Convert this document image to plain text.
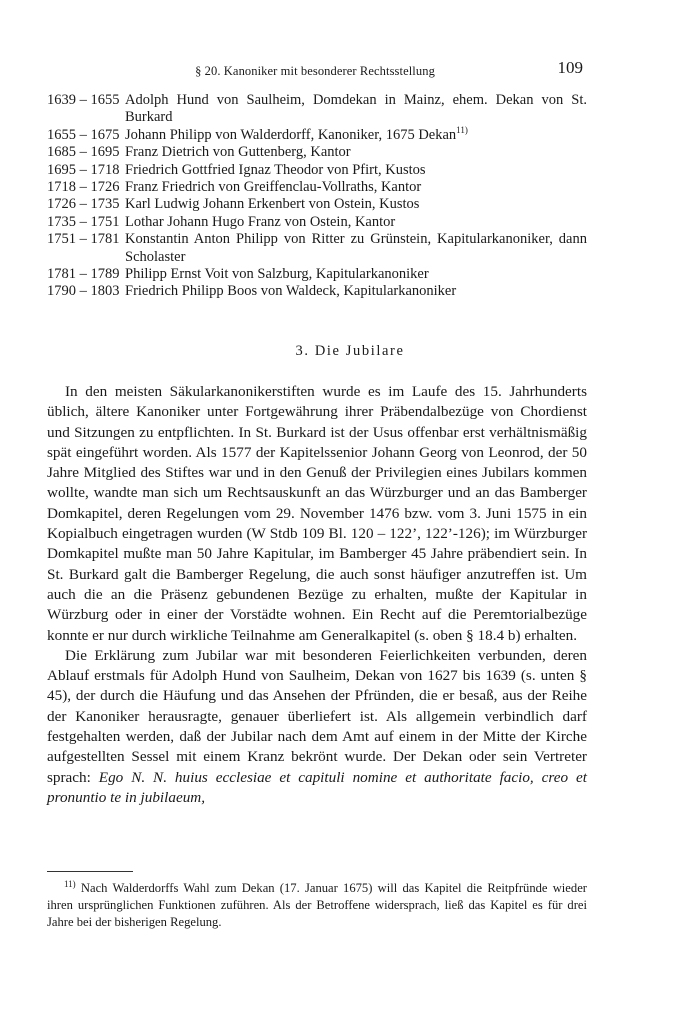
§ 20. Kanoniker mit besonderer Rechtsstellung	109
1639 – 1655 Adolph Hund von Saulheim, Domdekan in Mainz, ehem. Dekan von St. Burkard
1655 – 1675 Johann Philipp von Walderdorff, Kanoniker, 1675 Dekan$^{11)}$
1685 – 1695 Franz Dietrich von Guttenberg, Kantor
1695 – 1718 Friedrich Gottfried Ignaz Theodor von Pfirt, Kustos
1718 – 1726 Franz Friedrich von Greiffenclau-Vollraths, Kantor
1726 – 1735 Karl Ludwig Johann Erkenbert von Ostein, Kustos
1735 – 1751 Lothar Johann Hugo Franz von Ostein, Kantor
1751 – 1781 Konstantin Anton Philipp von Ritter zu Grünstein, Kapitularkanoniker, dann Scholaster
1781 – 1789 Philipp Ernst Voit von Salzburg, Kapitularkanoniker
1790 – 1803 Friedrich Philipp Boos von Waldeck, Kapitularkanoniker
3. Die Jubilare

In den meisten Säkularkanonikerstiften wurde es im Laufe des 15. Jahrhunderts üblich, ältere Kanoniker unter Fortgewährung ihrer Präbendalbezüge von Chordienst und Sitzungen zu entpflichten. In St. Burkard ist der Usus offenbar erst verhältnismäßig spät eingeführt worden. Als 1577 der Kapitelssenior Johann Georg von Leonrod, der 50 Jahre Mitglied des Stiftes war und in den Genuß der Privilegien eines Jubilars kommen wollte, wandte man sich um Rechtsauskunft an das Würzburger und an das Bamberger Domkapitel, deren Regelungen vom 29. November 1476 bzw. vom 3. Juni 1575 in ein Kopialbuch eingetragen wurden (W Stdb 109 Bl. 120 – 122’, 122’-126); im Würzburger Domkapitel mußte man 50 Jahre Kapitular, im Bamberger 45 Jahre präbendiert sein. In St. Burkard galt die Bamberger Regelung, die auch sonst häufiger anzutreffen ist. Um auch die an die Präsenz gebundenen Bezüge zu erhalten, mußte der Kapitular in Würzburg oder in einer der Vorstädte wohnen. Ein Recht auf die Peremtorialbezüge konnte er nur durch wirkliche Teilnahme am Generalkapitel (s. oben § 18.4 b) erhalten.

Die Erklärung zum Jubilar war mit besonderen Feierlichkeiten verbunden, deren Ablauf erstmals für Adolph Hund von Saulheim, Dekan von 1627 bis 1639 (s. unten § 45), der durch die Häufung und das Ansehen der Pfründen, die er besaß, aus der Reihe der Kanoniker herausragte, genauer überliefert ist. Als allgemein verbindlich darf festgehalten werden, daß der Jubilar nach dem Amt auf einem in der Mitte der Kirche aufgestellten Sessel mit einem Kranz bekrönt wurde. Der Dekan oder sein Vertreter sprach: Ego N. N. huius ecclesiae et capituli nomine et authoritate facio, creo et pronuntio te in jubilaeum,

$^{11)}$ Nach Walderdorffs Wahl zum Dekan (17. Januar 1675) will das Kapitel die Reitpfründe wieder ihren ursprünglichen Funktionen zuführen. Als der Betroffene widersprach, ließ das Kapitel es für drei Jahre bei der bisherigen Regelung.
